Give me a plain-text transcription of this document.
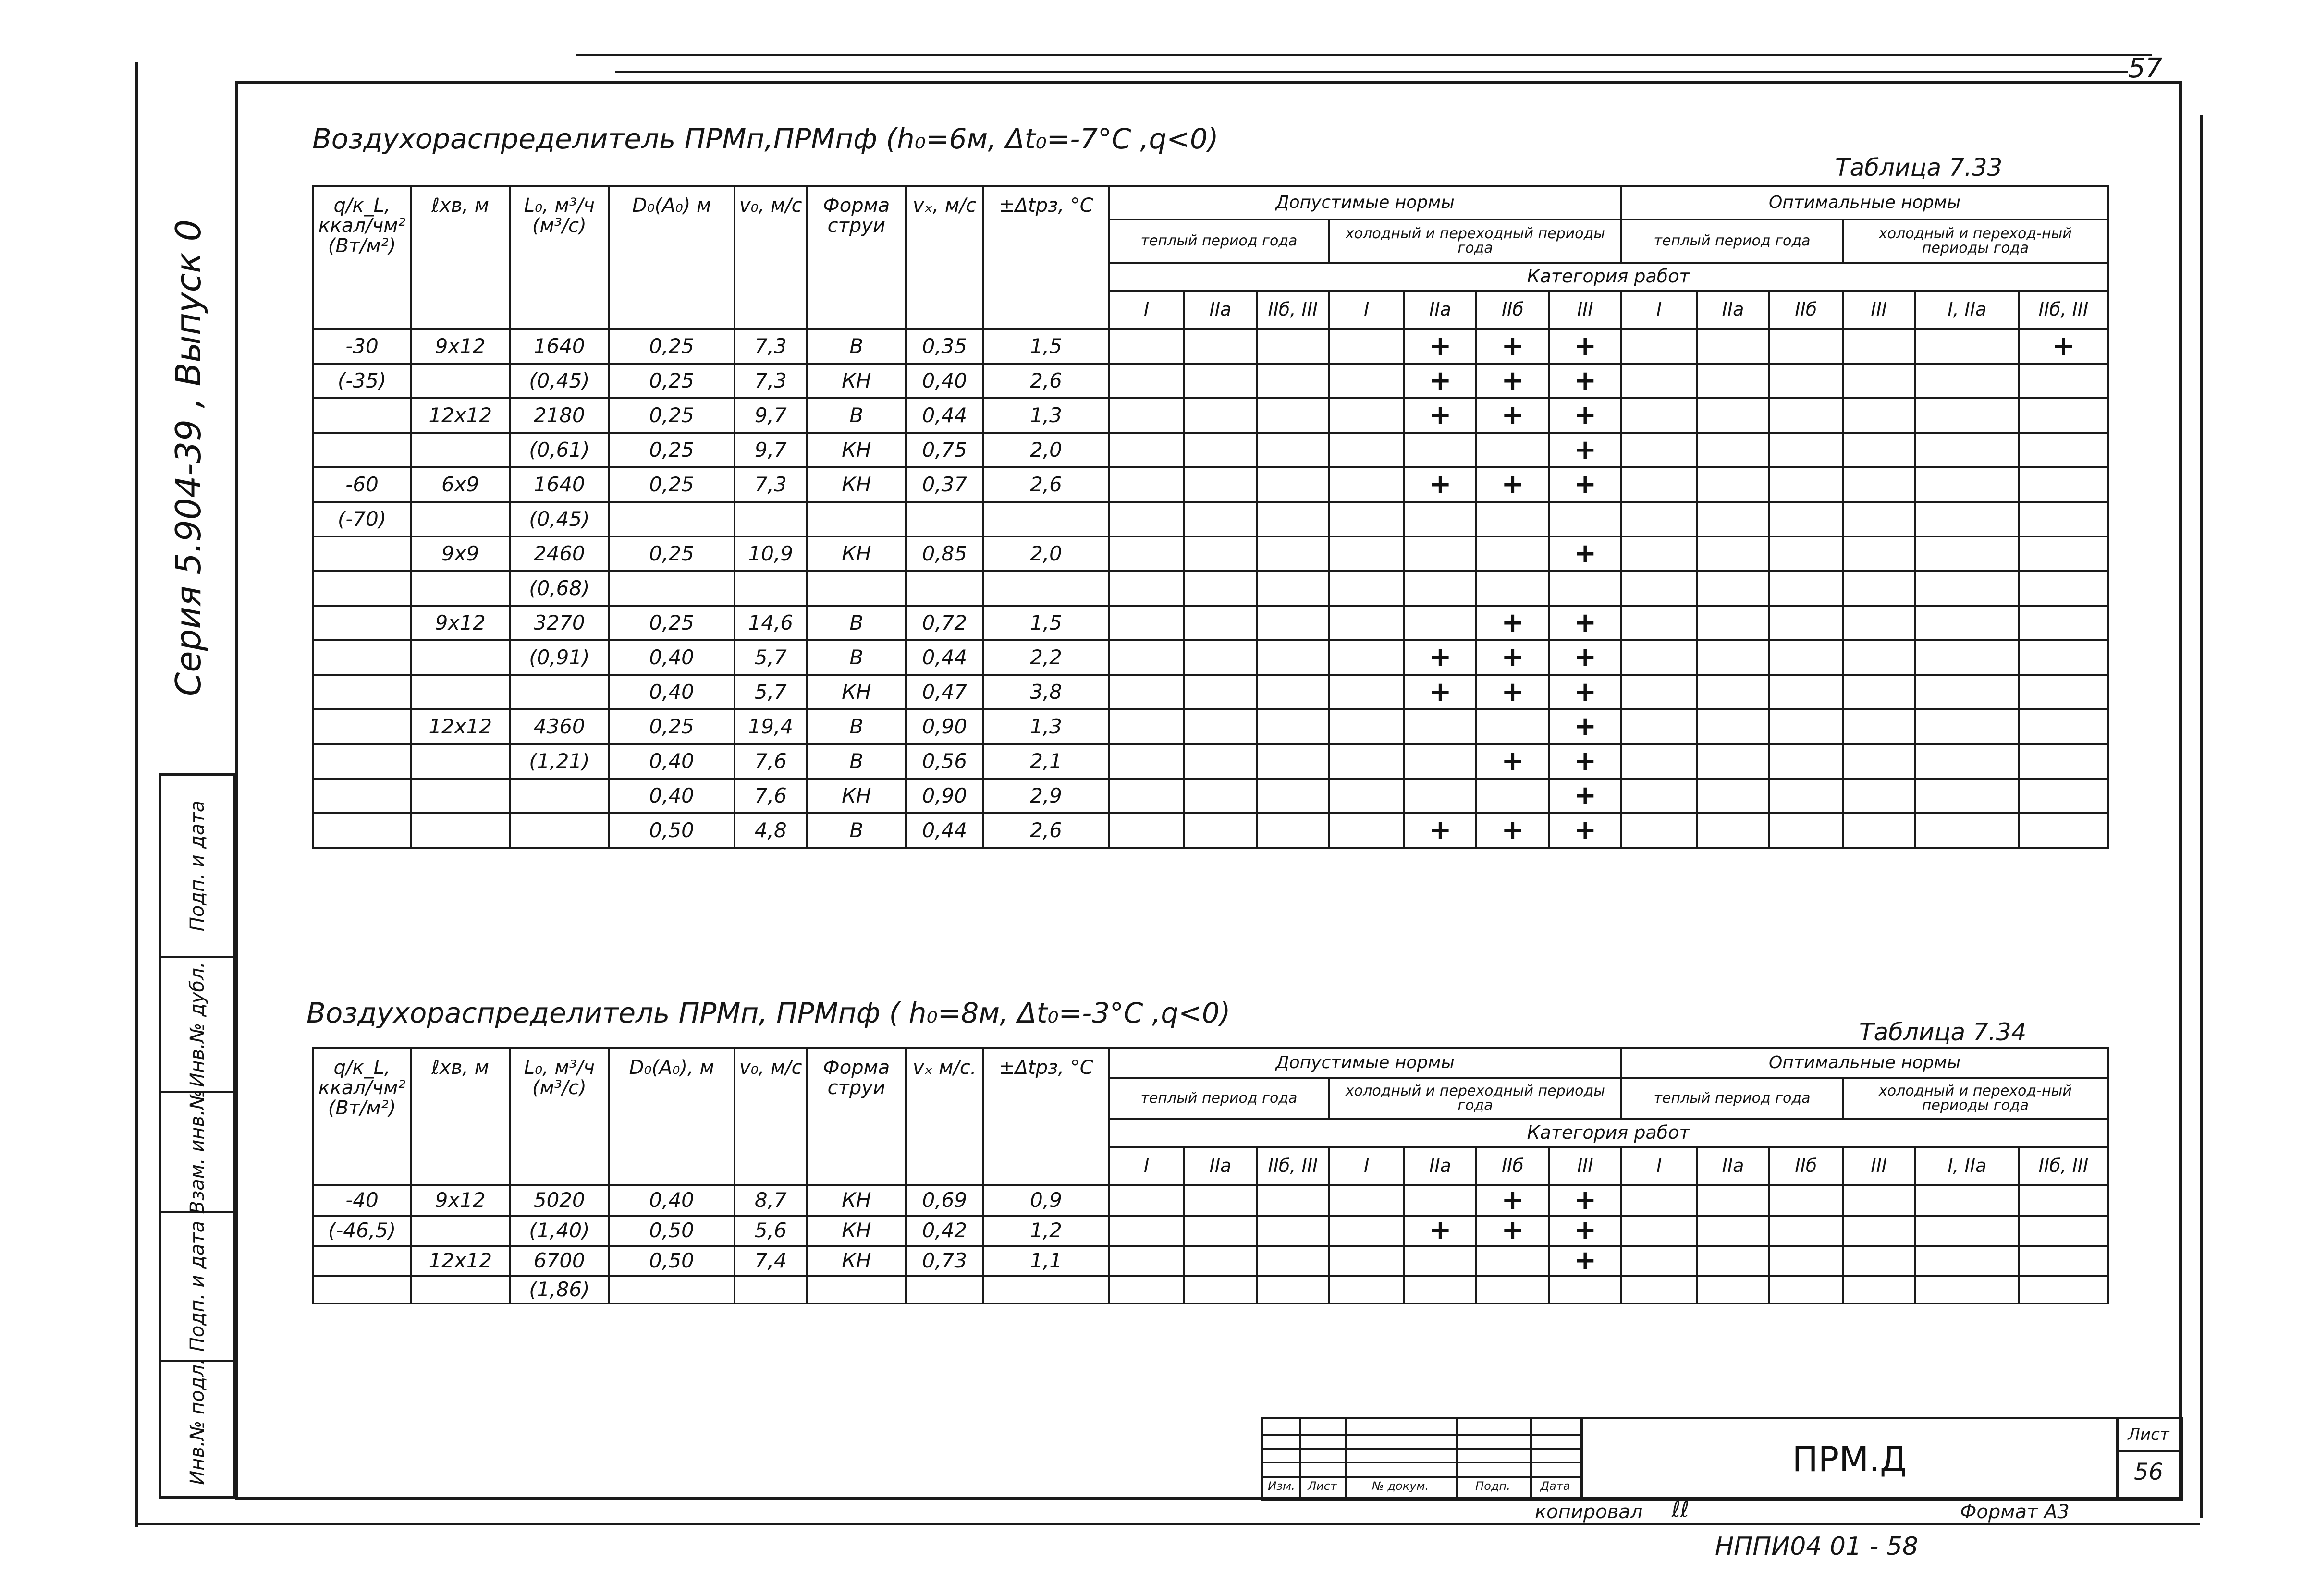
57
Серия 5.904-39 , Выпуск 0
Подп. и дата
Инв.№ дубл.
Взам. инв.№
Подп. и дата
Инв.№ подл.
Воздухораспределитель ПРМп,ПРМпф (h₀=6м, Δt₀=-7°С ,q<0)
Таблица 7.33
q/к_L, ккал/чм² (Вт/м²)	ℓxв, м	L₀, м³/ч (м³/с)	D₀(A₀) м	v₀, м/с	Форма струи	vₓ, м/с	±Δtрз, °С	Допустимые нормы							Оптимальные нормы					
								теплый период года			холодный и переходный периоды года				теплый период года			холодный и переход-ный периоды года		
								Категория работ												
								I	IIа	IIб, III	I	IIа	IIб	III	I	IIа	IIб	III	I, IIа	IIб, III
-30	9x12	1640	0,25	7,3	В	0,35	1,5					+	+	+						+
(-35)		(0,45)	0,25	7,3	КН	0,40	2,6					+	+	+						
	12x12	2180	0,25	9,7	В	0,44	1,3					+	+	+						
		(0,61)	0,25	9,7	КН	0,75	2,0							+						
-60	6x9	1640	0,25	7,3	КН	0,37	2,6					+	+	+						
(-70)		(0,45)																		
	9x9	2460	0,25	10,9	КН	0,85	2,0							+						
		(0,68)																		
	9x12	3270	0,25	14,6	В	0,72	1,5						+	+						
		(0,91)	0,40	5,7	В	0,44	2,2					+	+	+						
			0,40	5,7	КН	0,47	3,8					+	+	+						
	12x12	4360	0,25	19,4	В	0,90	1,3							+						
		(1,21)	0,40	7,6	В	0,56	2,1						+	+						
			0,40	7,6	КН	0,90	2,9							+						
			0,50	4,8	В	0,44	2,6					+	+	+						
Воздухораспределитель ПРМп, ПРМпф ( h₀=8м, Δt₀=-3°С ,q<0)
Таблица 7.34
q/к_L, ккал/чм² (Вт/м²)	ℓxв, м	L₀, м³/ч (м³/с)	D₀(A₀), м	v₀, м/с	Форма струи	vₓ м/с.	±Δtрз, °С	Допустимые нормы							Оптимальные нормы					
								теплый период года			холодный и переходный периоды года				теплый период года			холодный и переход-ный периоды года		
								Категория работ												
								I	IIа	IIб, III	I	IIа	IIб	III	I	IIа	IIб	III	I, IIа	IIб, III
-40	9x12	5020	0,40	8,7	КН	0,69	0,9						+	+						
(-46,5)		(1,40)	0,50	5,6	КН	0,42	1,2					+	+	+						
	12x12	6700	0,50	7,4	КН	0,73	1,1							+						
		(1,86)																		
Изм.	Лист	№ докум.	Подп.	Дата
ПРМ.Д
Лист
56
копировал ℓℓ	Формат А3
НППИ04 01 - 58
